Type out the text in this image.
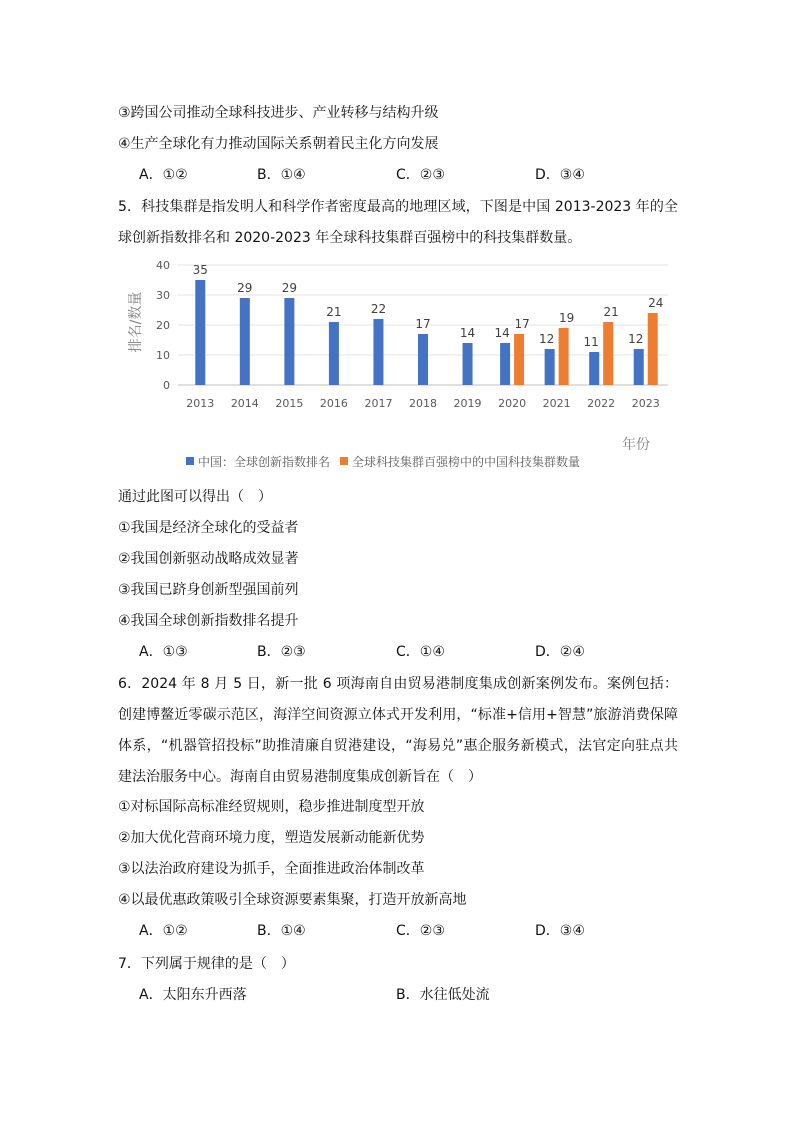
③跨国公司推动全球科技进步、产业转移与结构升级
④生产全球化有力推动国际关系朝着民主化方向发展
A．①②	B．①④	C．②③	D．③④
5．科技集群是指发明人和科学作者密度最高的地理区域，下图是中国 2013-2023 年的全球创新指数排名和 2020-2023 年全球科技集群百强榜中的科技集群数量。
35
29 29
21 22
17
14 14
17
12
19
11
21
12
24
0
10
20
30
40
2013 2014 2015 2016 2017 2018 2019 2020 2021 2022 2023
排名/数量
年份
中国：全球创新指数排名 全球科技集群百强榜中的中国科技集群数量
通过此图可以得出（　）
①我国是经济全球化的受益者
②我国创新驱动战略成效显著
③我国已跻身创新型强国前列
④我国全球创新指数排名提升
A．①③	B．②③	C．①④	D．②④
6．2024 年 8 月 5 日，新一批 6 项海南自由贸易港制度集成创新案例发布。案例包括：创建博鳌近零碳示范区，海洋空间资源立体式开发利用，“标准+信用+智慧”旅游消费保障体系，“机器管招投标”助推清廉自贸港建设，“海易兑”惠企服务新模式，法官定向驻点共建法治服务中心。海南自由贸易港制度集成创新旨在（　）
①对标国际高标准经贸规则，稳步推进制度型开放
②加大优化营商环境力度，塑造发展新动能新优势
③以法治政府建设为抓手，全面推进政治体制改革
④以最优惠政策吸引全球资源要素集聚，打造开放新高地
A．①②	B．①④	C．②③	D．③④
7．下列属于规律的是（　）
A．太阳东升西落	B．水往低处流
